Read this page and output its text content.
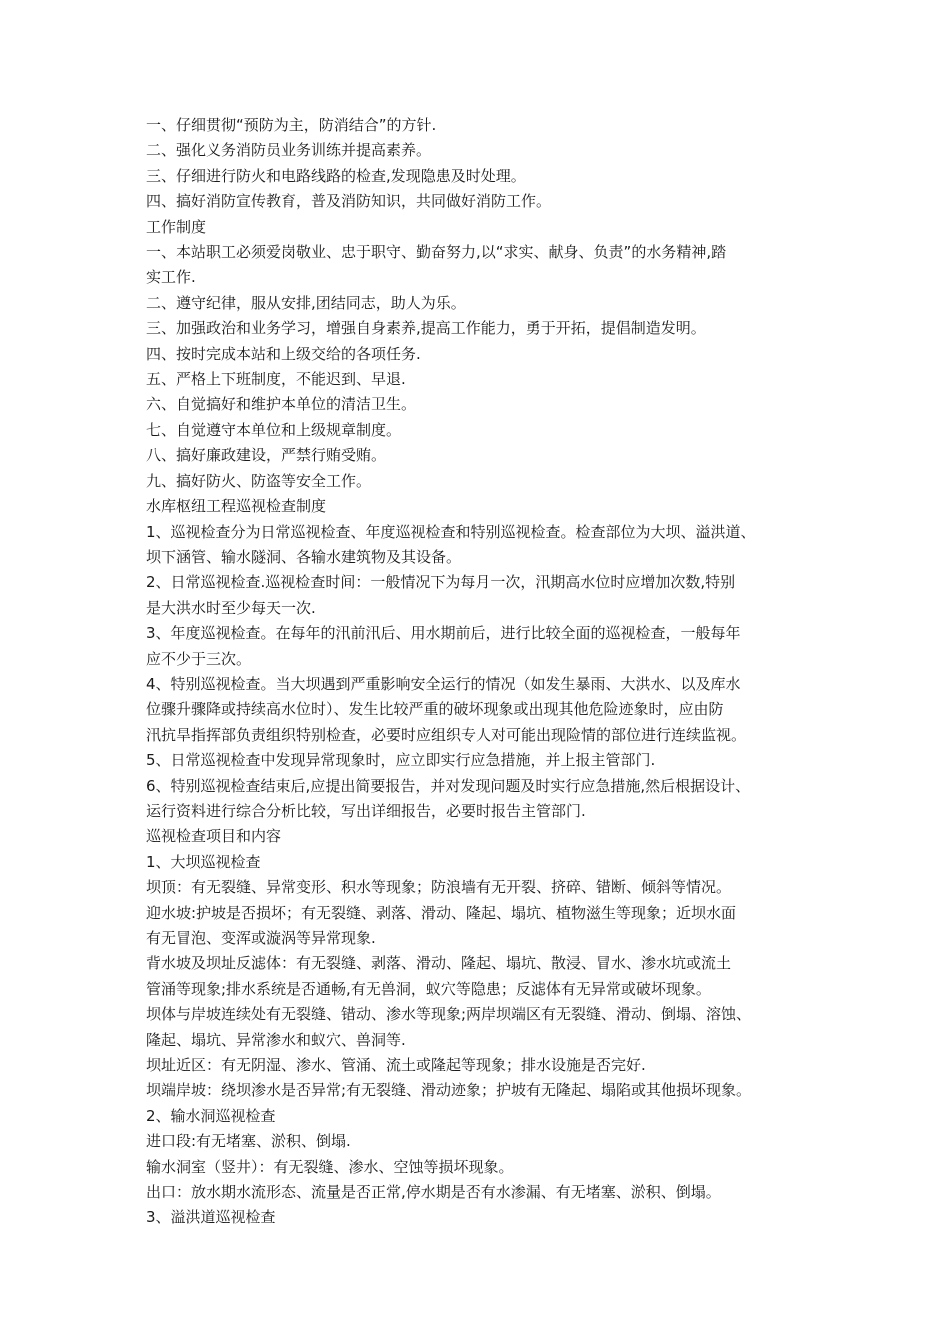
一、仔细贯彻“预防为主，防消结合”的方针.

二、强化义务消防员业务训练并提高素养。

三、仔细进行防火和电路线路的检查,发现隐患及时处理。

四、搞好消防宣传教育，普及消防知识，共同做好消防工作。

工作制度

一、本站职工必须爱岗敬业、忠于职守、勤奋努力,以“求实、献身、负责”的水务精神,踏

实工作.

二、遵守纪律，服从安排,团结同志，助人为乐。

三、加强政治和业务学习，增强自身素养,提高工作能力，勇于开拓，提倡制造发明。

四、按时完成本站和上级交给的各项任务.

五、严格上下班制度，不能迟到、早退.

六、自觉搞好和维护本单位的清洁卫生。

七、自觉遵守本单位和上级规章制度。

八、搞好廉政建设，严禁行贿受贿。

九、搞好防火、防盗等安全工作。

水库枢纽工程巡视检查制度

1、巡视检查分为日常巡视检查、年度巡视检查和特别巡视检查。检查部位为大坝、溢洪道、

坝下涵管、输水隧洞、各输水建筑物及其设备。

2、日常巡视检查.巡视检查时间：一般情况下为每月一次，汛期高水位时应增加次数,特别

是大洪水时至少每天一次.

3、年度巡视检查。在每年的汛前汛后、用水期前后，进行比较全面的巡视检查，一般每年

应不少于三次。

4、特别巡视检查。当大坝遇到严重影响安全运行的情况（如发生暴雨、大洪水、以及库水

位骤升骤降或持续高水位时）、发生比较严重的破坏现象或出现其他危险迹象时，应由防

汛抗旱指挥部负责组织特别检查，必要时应组织专人对可能出现险情的部位进行连续监视。

5、日常巡视检查中发现异常现象时，应立即实行应急措施，并上报主管部门.

6、特别巡视检查结束后,应提出简要报告，并对发现问题及时实行应急措施,然后根据设计、

运行资料进行综合分析比较，写出详细报告，必要时报告主管部门.

巡视检查项目和内容

1、大坝巡视检查

坝顶：有无裂缝、异常变形、积水等现象；防浪墙有无开裂、挤碎、错断、倾斜等情况。

迎水坡:护坡是否损坏；有无裂缝、剥落、滑动、隆起、塌坑、植物滋生等现象；近坝水面

有无冒泡、变浑或漩涡等异常现象.

背水坡及坝址反滤体：有无裂缝、剥落、滑动、隆起、塌坑、散浸、冒水、渗水坑或流土

管涌等现象;排水系统是否通畅,有无兽洞，蚁穴等隐患；反滤体有无异常或破坏现象。

坝体与岸坡连续处有无裂缝、错动、渗水等现象;两岸坝端区有无裂缝、滑动、倒塌、溶蚀、

隆起、塌坑、异常渗水和蚁穴、兽洞等.

坝址近区：有无阴湿、渗水、管涌、流土或隆起等现象；排水设施是否完好.

坝端岸坡：绕坝渗水是否异常;有无裂缝、滑动迹象；护坡有无隆起、塌陷或其他损坏现象。

2、输水洞巡视检查

进口段:有无堵塞、淤积、倒塌.

输水洞室（竖井）：有无裂缝、渗水、空蚀等损坏现象。

出口：放水期水流形态、流量是否正常,停水期是否有水渗漏、有无堵塞、淤积、倒塌。

3、溢洪道巡视检查
